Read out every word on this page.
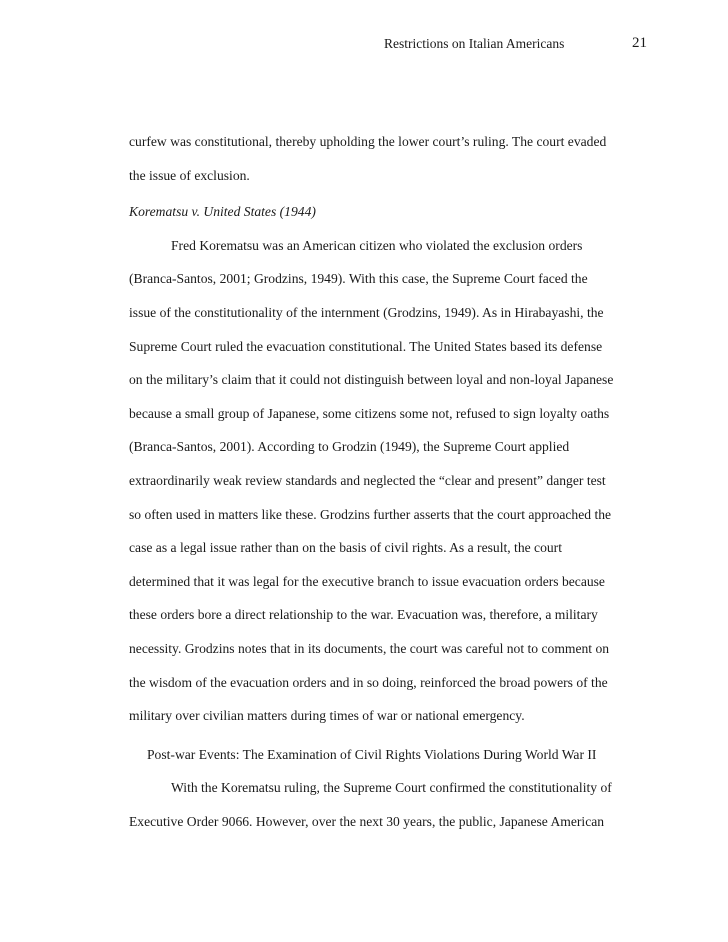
Restrictions on Italian Americans	21

curfew was constitutional, thereby upholding the lower court’s ruling. The court evaded
the issue of exclusion.

Korematsu v. United States (1944)

Fred Korematsu was an American citizen who violated the exclusion orders
(Branca-Santos, 2001; Grodzins, 1949). With this case, the Supreme Court faced the
issue of the constitutionality of the internment (Grodzins, 1949). As in Hirabayashi, the
Supreme Court ruled the evacuation constitutional. The United States based its defense
on the military’s claim that it could not distinguish between loyal and non-loyal Japanese
because a small group of Japanese, some citizens some not, refused to sign loyalty oaths
(Branca-Santos, 2001). According to Grodzin (1949), the Supreme Court applied
extraordinarily weak review standards and neglected the “clear and present” danger test
so often used in matters like these. Grodzins further asserts that the court approached the
case as a legal issue rather than on the basis of civil rights. As a result, the court
determined that it was legal for the executive branch to issue evacuation orders because
these orders bore a direct relationship to the war. Evacuation was, therefore, a military
necessity. Grodzins notes that in its documents, the court was careful not to comment on
the wisdom of the evacuation orders and in so doing, reinforced the broad powers of the
military over civilian matters during times of war or national emergency.

Post-war Events: The Examination of Civil Rights Violations During World War II

With the Korematsu ruling, the Supreme Court confirmed the constitutionality of
Executive Order 9066. However, over the next 30 years, the public, Japanese American
